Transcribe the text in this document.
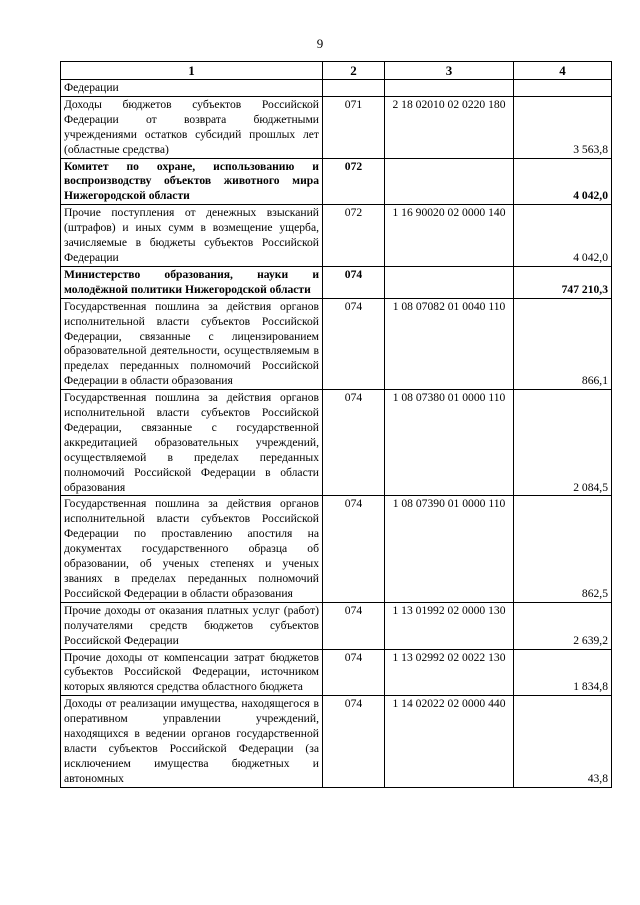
9
1	2	3	4
Федерации			
Доходы бюджетов субъектов Российской Федерации от возврата бюджетными учреждениями остатков субсидий прошлых лет (областные средства)	071	2 18 02010 02 0220 180	3 563,8
Комитет по охране, использованию и воспроизводству объектов животного мира Нижегородской области	072		4 042,0
Прочие поступления от денежных взысканий (штрафов) и иных сумм в возмещение ущерба, зачисляемые в бюджеты субъектов Российской Федерации	072	1 16 90020 02 0000 140	4 042,0
Министерство образования, науки и молодёжной политики Нижегородской области	074		747 210,3
Государственная пошлина за действия органов исполнительной власти субъектов Российской Федерации, связанные с лицензированием образовательной деятельности, осуществляемым в пределах переданных полномочий Российской Федерации в области образования	074	1 08 07082 01 0040 110	866,1
Государственная пошлина за действия органов исполнительной власти субъектов Российской Федерации, связанные с государственной аккредитацией образовательных учреждений, осуществляемой в пределах переданных полномочий Российской Федерации в области образования	074	1 08 07380 01 0000 110	2 084,5
Государственная пошлина за действия органов исполнительной власти субъектов Российской Федерации по проставлению апостиля на документах государственного образца об образовании, об ученых степенях и ученых званиях в пределах переданных полномочий Российской Федерации в области образования	074	1 08 07390 01 0000 110	862,5
Прочие доходы от оказания платных услуг (работ) получателями средств бюджетов субъектов Российской Федерации	074	1 13 01992 02 0000 130	2 639,2
Прочие доходы от компенсации затрат бюджетов субъектов Российской Федерации, источником которых являются средства областного бюджета	074	1 13 02992 02 0022 130	1 834,8
Доходы от реализации имущества, находящегося в оперативном управлении учреждений, находящихся в ведении органов государственной власти субъектов Российской Федерации (за исключением имущества бюджетных и автономных	074	1 14 02022 02 0000 440	43,8
